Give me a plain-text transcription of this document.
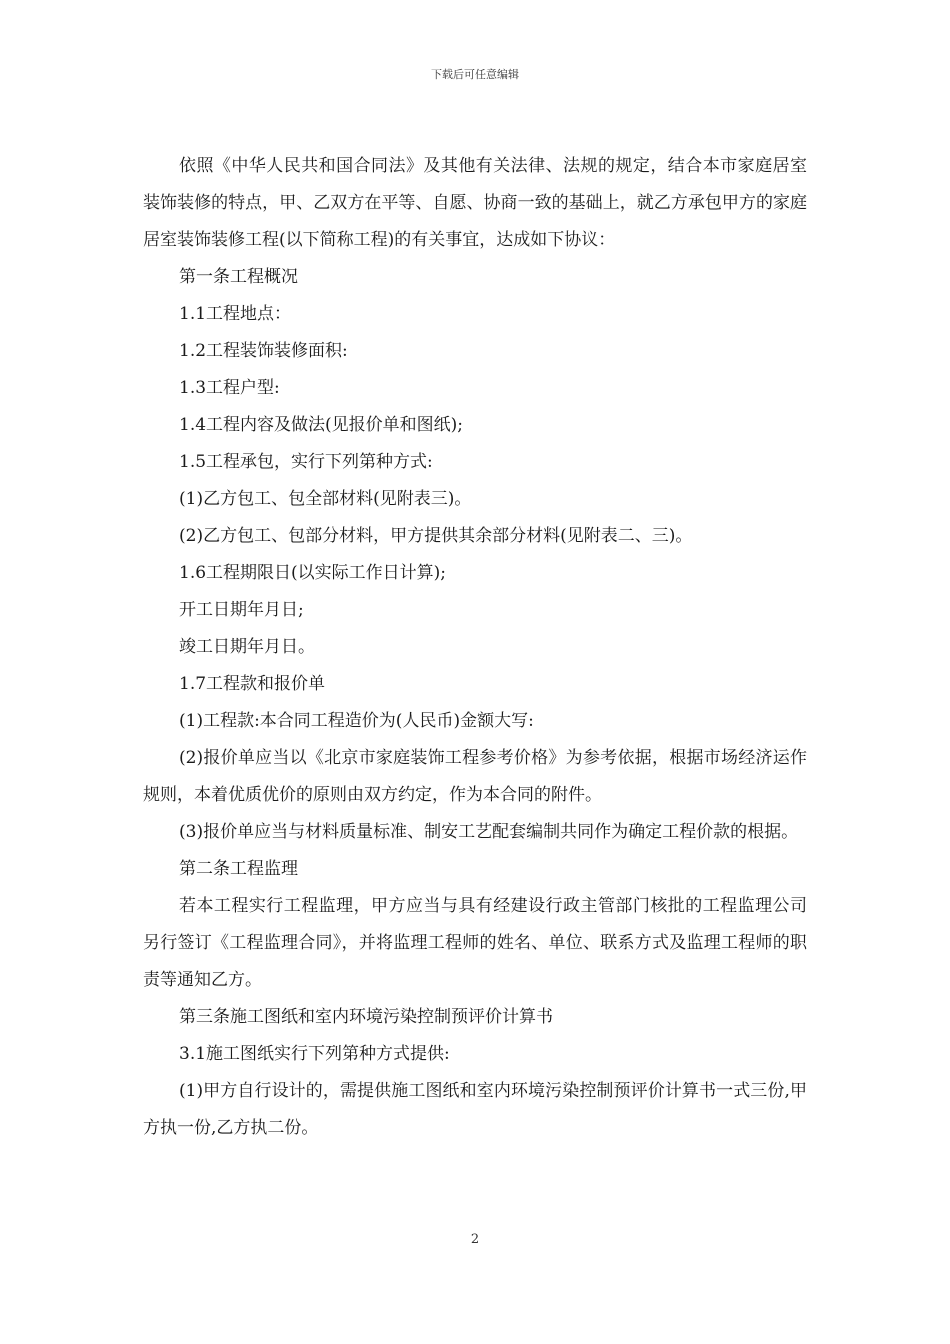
下载后可任意编辑

依照《中华人民共和国合同法》及其他有关法律、法规的规定，结合本市家庭居室装饰装修的特点，甲、乙双方在平等、自愿、协商一致的基础上，就乙方承包甲方的家庭居室装饰装修工程(以下简称工程)的有关事宜，达成如下协议：

第一条工程概况

1.1工程地点：

1.2工程装饰装修面积:

1.3工程户型:

1.4工程内容及做法(见报价单和图纸);

1.5工程承包，实行下列第种方式:

(1)乙方包工、包全部材料(见附表三)。

(2)乙方包工、包部分材料，甲方提供其余部分材料(见附表二、三)。

1.6工程期限日(以实际工作日计算);

开工日期年月日;

竣工日期年月日。

1.7工程款和报价单

(1)工程款:本合同工程造价为(人民币)金额大写:

(2)报价单应当以《北京市家庭装饰工程参考价格》为参考依据，根据市场经济运作规则，本着优质优价的原则由双方约定，作为本合同的附件。

(3)报价单应当与材料质量标准、制安工艺配套编制共同作为确定工程价款的根据。

第二条工程监理

若本工程实行工程监理，甲方应当与具有经建设行政主管部门核批的工程监理公司另行签订《工程监理合同》，并将监理工程师的姓名、单位、联系方式及监理工程师的职责等通知乙方。

第三条施工图纸和室内环境污染控制预评价计算书

3.1施工图纸实行下列第种方式提供:

(1)甲方自行设计的，需提供施工图纸和室内环境污染控制预评价计算书一式三份,甲方执一份,乙方执二份。

2
